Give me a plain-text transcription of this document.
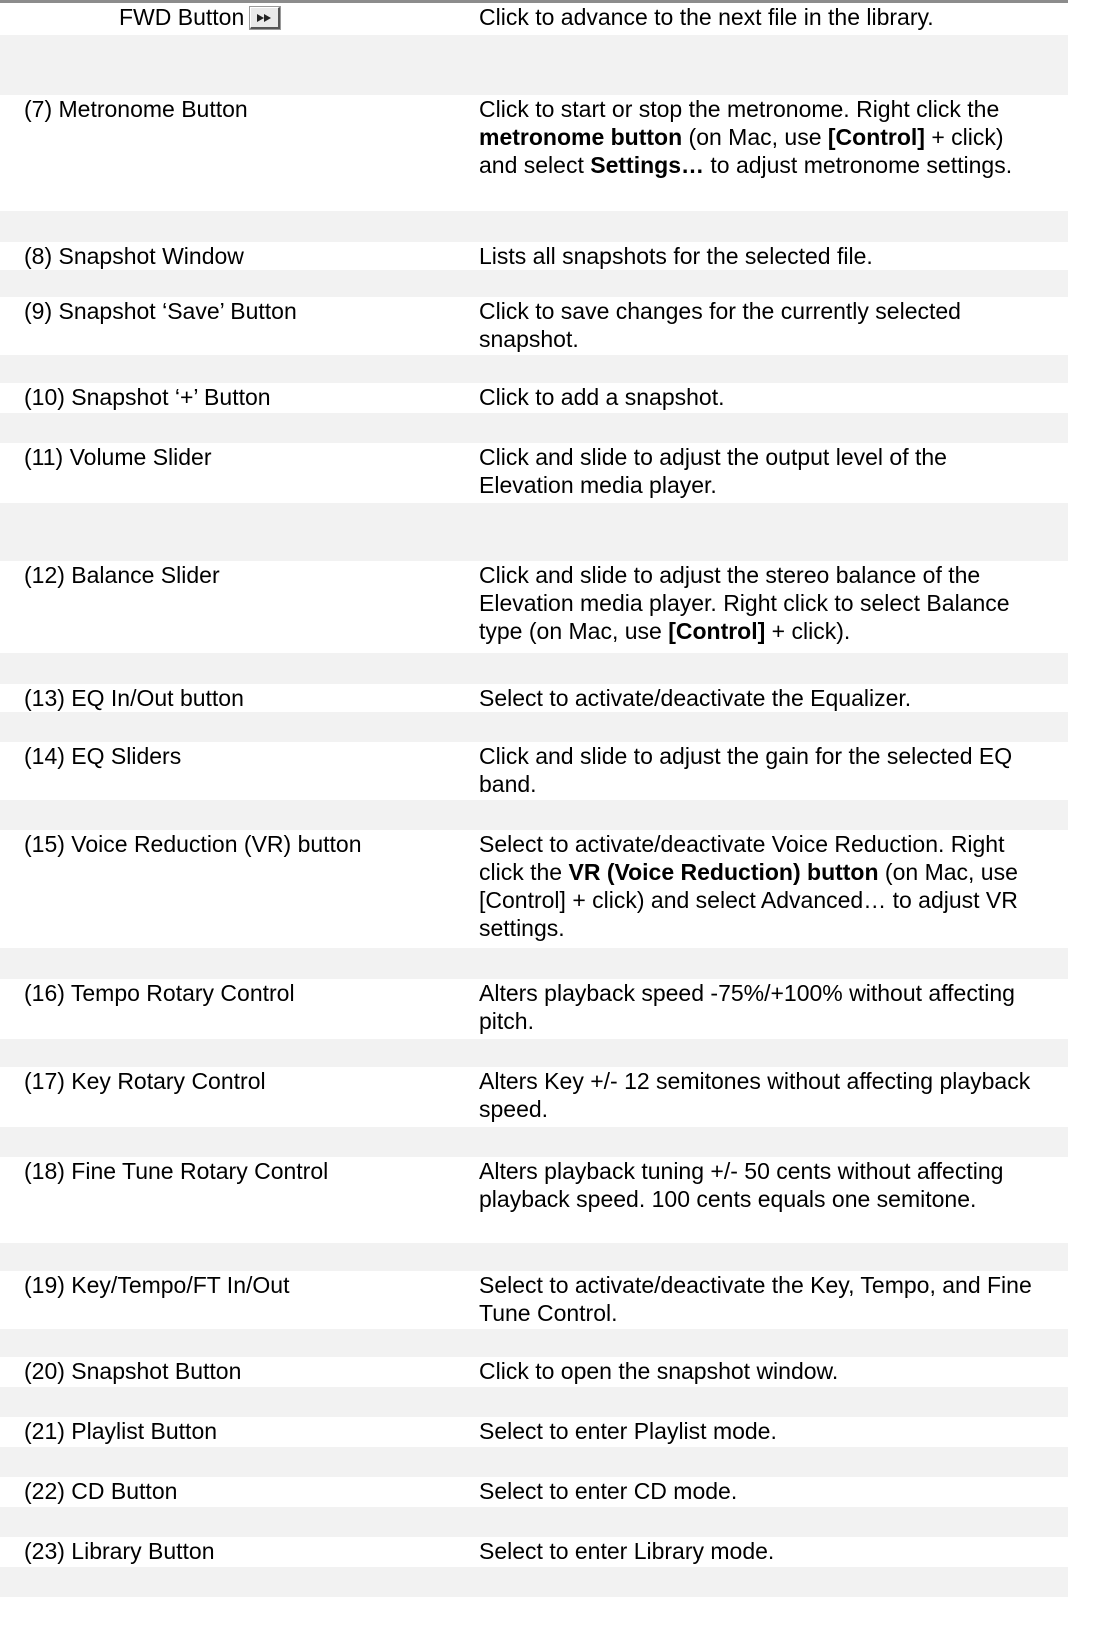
FWD Button	Click to advance to the next file in the library.
(7) Metronome Button	Click to start or stop the metronome. Right click the metronome button (on Mac, use [Control] + click) and select Settings… to adjust metronome settings.
(8) Snapshot Window	Lists all snapshots for the selected file.
(9) Snapshot ‘Save’ Button	Click to save changes for the currently selected snapshot.
(10) Snapshot ‘+’ Button	Click to add a snapshot.
(11) Volume Slider	Click and slide to adjust the output level of the Elevation media player.
(12) Balance Slider	Click and slide to adjust the stereo balance of the Elevation media player. Right click to select Balance type (on Mac, use [Control] + click).
(13) EQ In/Out button	Select to activate/deactivate the Equalizer.
(14) EQ Sliders	Click and slide to adjust the gain for the selected EQ band.
(15) Voice Reduction (VR) button	Select to activate/deactivate Voice Reduction. Right click the VR (Voice Reduction) button (on Mac, use [Control] + click) and select Advanced… to adjust VR settings.
(16) Tempo Rotary Control	Alters playback speed -75%/+100% without affecting pitch.
(17) Key Rotary Control	Alters Key +/- 12 semitones without affecting playback speed.
(18) Fine Tune Rotary Control	Alters playback tuning +/- 50 cents without affecting playback speed. 100 cents equals one semitone.
(19) Key/Tempo/FT In/Out	Select to activate/deactivate the Key, Tempo, and Fine Tune Control.
(20) Snapshot Button	Click to open the snapshot window.
(21) Playlist Button	Select to enter Playlist mode.
(22) CD Button	Select to enter CD mode.
(23) Library Button	Select to enter Library mode.
